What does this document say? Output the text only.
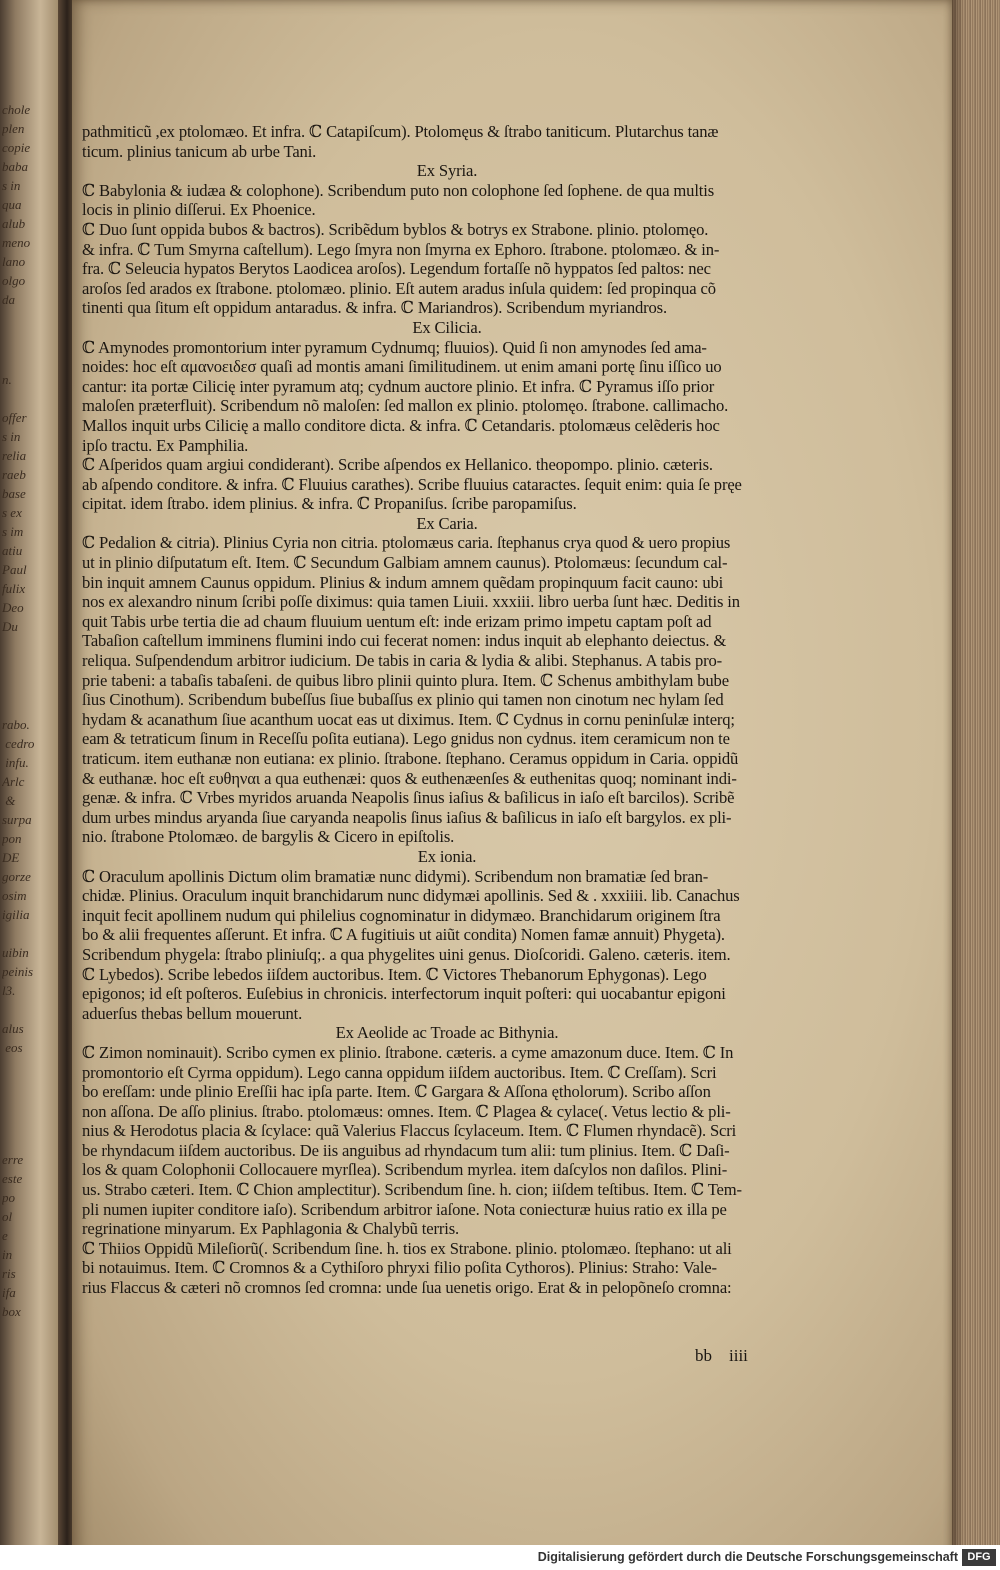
chole
plen
copie
baba
s in
qua
alub
meno
lano
olgo
da
n.

offer
s in
relia
raeb
base
s ex
s im
atiu
Paul
fulix
Deo
Du

rabo.
cedro
infu.
Arlc
&
surpa
pon
DE
gorze
osim
igilia

uibin
peinis
l3.

alus
eos
erre
este
po
ol
e
in
ris
ifa
box
pathmiticũ ,ex ptolomæo. Et infra. ℂ Catapiſcum). Ptolomęus & ſtrabo taniticum. Plutarchus tanæ
ticum. plinius tanicum ab urbe Tani.
Ex Syria.
ℂ Babylonia & iudæa & colophone). Scribendum puto non colophone ſed ſophene. de qua multis
locis in plinio diſſerui. Ex Phoenice.
ℂ Duo ſunt oppida bubos & bactros). Scribẽdum byblos & botrys ex Strabone. plinio. ptolomęo.
& infra. ℂ Tum Smyrna caſtellum). Lego ſmyra non ſmyrna ex Ephoro. ſtrabone. ptolomæo. & in-
fra. ℂ Seleucia hypatos Berytos Laodicea aroſos). Legendum fortaſſe nõ hyppatos ſed paltos: nec
aroſos ſed arados ex ſtrabone. ptolomæo. plinio. Eſt autem aradus inſula quidem: ſed propinqua cõ
tinenti qua ſitum eſt oppidum antaradus. & infra. ℂ Mariandros). Scribendum myriandros.
Ex Cilicia.
ℂ Amynodes promontorium inter pyramum Cydnumq; fluuios). Quid ſi non amynodes ſed ama-
noides: hoc eſt αμανοειδεσ quaſi ad montis amani ſimilitudinem. ut enim amani portę ſinu iſſico uo
cantur: ita portæ Cilicię inter pyramum atq; cydnum auctore plinio. Et infra. ℂ Pyramus iſſo prior
maloſen præterfluit). Scribendum nõ maloſen: ſed mallon ex plinio. ptolomęo. ſtrabone. callimacho.
Mallos inquit urbs Cilicię a mallo conditore dicta. & infra. ℂ Cetandaris. ptolomæus celẽderis hoc
ipſo tractu. Ex Pamphilia.
ℂ Aſperidos quam argiui condiderant). Scribe aſpendos ex Hellanico. theopompo. plinio. cæteris.
ab aſpendo conditore. & infra. ℂ Fluuius carathes). Scribe fluuius cataractes. ſequit enim: quia ſe pręe
cipitat. idem ſtrabo. idem plinius. & infra. ℂ Propaniſus. ſcribe paropamiſus.
Ex Caria.
ℂ Pedalion & citria). Plinius Cyria non citria. ptolomæus caria. ſtephanus crya quod & uero propius
ut in plinio diſputatum eſt. Item. ℂ Secundum Galbiam amnem caunus). Ptolomæus: ſecundum cal-
bin inquit amnem Caunus oppidum. Plinius & indum amnem quẽdam propinquum facit cauno: ubi
nos ex alexandro ninum ſcribi poſſe diximus: quia tamen Liuii. xxxiii. libro uerba ſunt hæc. Deditis in
quit Tabis urbe tertia die ad chaum fluuium uentum eſt: inde erizam primo impetu captam poſt ad
Tabaſion caſtellum imminens flumini indo cui fecerat nomen: indus inquit ab elephanto deiectus. &
reliqua. Suſpendendum arbitror iudicium. De tabis in caria & lydia & alibi. Stephanus. A tabis pro-
prie tabeni: a tabaſis tabaſeni. de quibus libro plinii quinto plura. Item. ℂ Schenus ambithylam bube
ſius Cinothum). Scribendum bubeſſus ſiue bubaſſus ex plinio qui tamen non cinotum nec hylam ſed
hydam & acanathum ſiue acanthum uocat eas ut diximus. Item. ℂ Cydnus in cornu peninſulæ interq;
eam & tetraticum ſinum in Receſſu poſita eutiana). Lego gnidus non cydnus. item ceramicum non te
traticum. item euthanæ non eutiana: ex plinio. ſtrabone. ſtephano. Ceramus oppidum in Caria. oppidũ
& euthanæ. hoc eſt ευθηναι a qua euthenæi: quos & euthenæenſes & euthenitas quoq; nominant indi-
genæ. & infra. ℂ Vrbes myridos aruanda Neapolis ſinus iaſius & baſilicus in iaſo eſt barcilos). Scribẽ
dum urbes mindus aryanda ſiue caryanda neapolis ſinus iaſius & baſilicus in iaſo eſt bargylos. ex pli-
nio. ſtrabone Ptolomæo. de bargylis & Cicero in epiſtolis.
Ex ionia.
ℂ Oraculum apollinis Dictum olim bramatiæ nunc didymi). Scribendum non bramatiæ ſed bran-
chidæ. Plinius. Oraculum inquit branchidarum nunc didymæi apollinis. Sed & . xxxiiii. lib. Canachus
inquit fecit apollinem nudum qui philelius cognominatur in didymæo. Branchidarum originem ſtra
bo & alii frequentes aſſerunt. Et infra. ℂ A fugitiuis ut aiũt condita) Nomen famæ annuit) Phygeta).
Scribendum phygela: ſtrabo pliniuſq;. a qua phygelites uini genus. Dioſcoridi. Galeno. cæteris. item.
ℂ Lybedos). Scribe lebedos iiſdem auctoribus. Item. ℂ Victores Thebanorum Ephygonas). Lego
epigonos; id eſt poſteros. Euſebius in chronicis. interfectorum inquit poſteri: qui uocabantur epigoni
aduerſus thebas bellum mouerunt.
Ex Aeolide ac Troade ac Bithynia.
ℂ Zimon nominauit). Scribo cymen ex plinio. ſtrabone. cæteris. a cyme amazonum duce. Item. ℂ In
promontorio eſt Cyrma oppidum). Lego canna oppidum iiſdem auctoribus. Item. ℂ Creſſam). Scri
bo ereſſam: unde plinio Ereſſii hac ipſa parte. Item. ℂ Gargara & Aſſona ętholorum). Scribo aſſon
non aſſona. De aſſo plinius. ſtrabo. ptolomæus: omnes. Item. ℂ Plagea & cylace(. Vetus lectio & pli-
nius & Herodotus placia & ſcylace: quã Valerius Flaccus ſcylaceum. Item. ℂ Flumen rhyndacẽ). Scri
be rhyndacum iiſdem auctoribus. De iis anguibus ad rhyndacum tum alii: tum plinius. Item. ℂ Daſi-
los & quam Colophonii Collocauere myrſlea). Scribendum myrlea. item daſcylos non daſilos. Plini-
us. Strabo cæteri. Item. ℂ Chion amplectitur). Scribendum ſine. h. cion; iiſdem teſtibus. Item. ℂ Tem-
pli numen iupiter conditore iaſo). Scribendum arbitror iaſone. Nota coniecturæ huius ratio ex illa pe
regrinatione minyarum. Ex Paphlagonia & Chalybũ terris.
ℂ Thiios Oppidũ Mileſiorũ(. Scribendum ſine. h. tios ex Strabone. plinio. ptolomæo. ſtephano: ut ali
bi notauimus. Item. ℂ Cromnos & a Cythiſoro phryxi filio poſita Cythoros). Plinius: Straho: Vale-
rius Flaccus & cæteri nõ cromnos ſed cromna: unde ſua uenetis origo. Erat & in pelopõneſo cromna:
bb    iiii
Digitalisierung gefördert durch die Deutsche Forschungsgemeinschaft DFG
